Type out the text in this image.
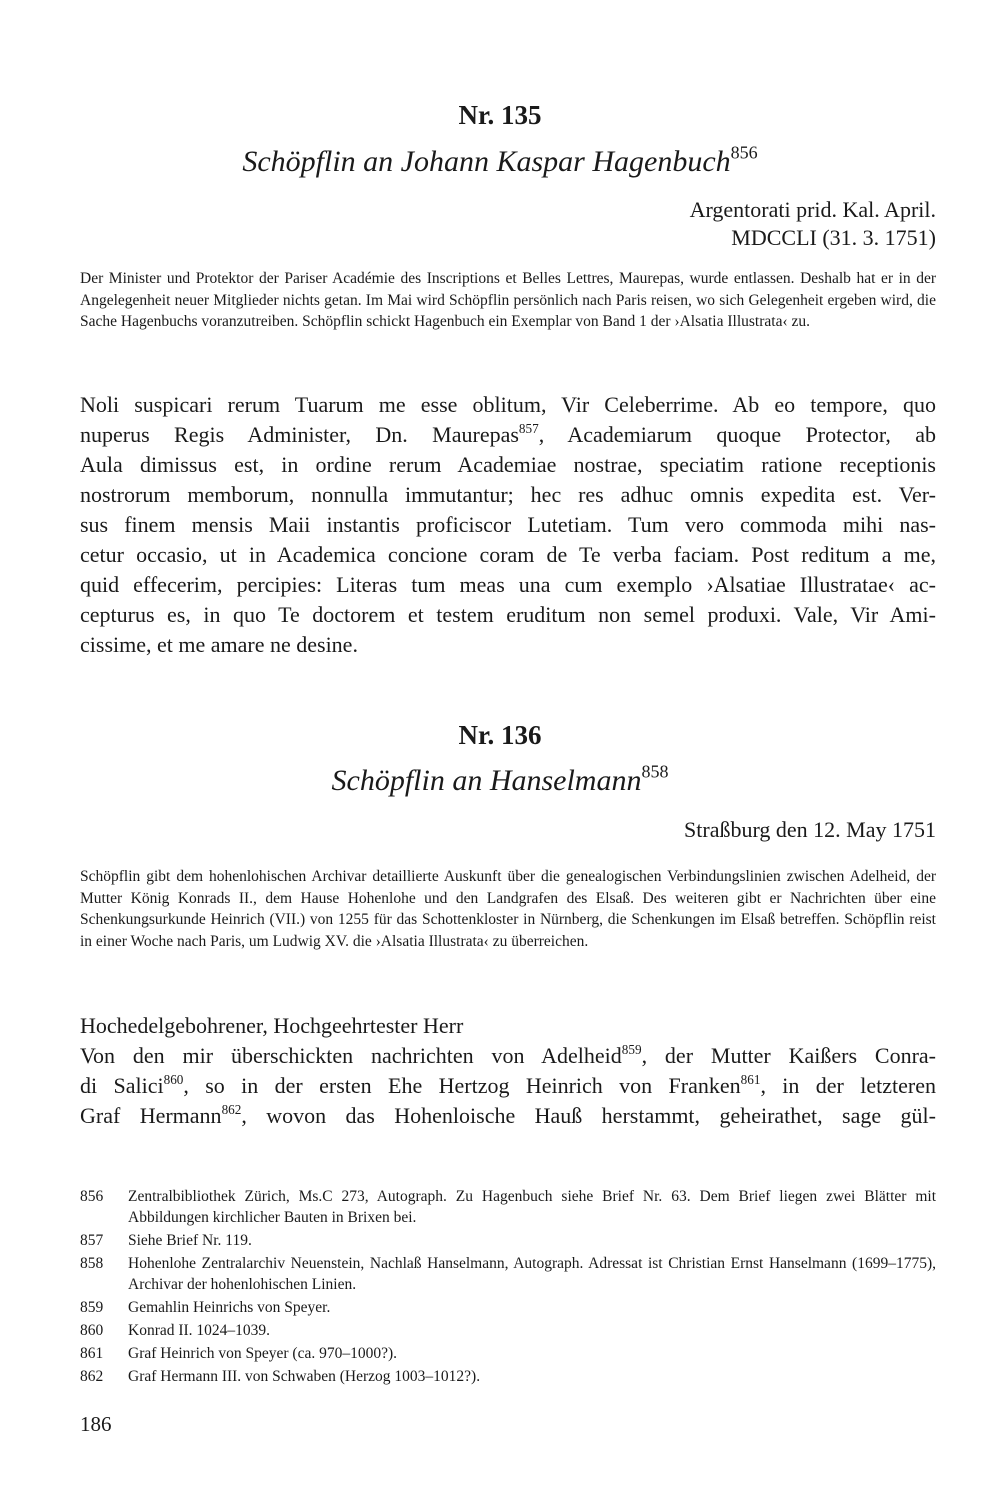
Nr. 135
Schöpflin an Johann Kaspar Hagenbuch$^{856}$
Argentorati prid. Kal. April.
MDCCLI (31. 3. 1751)
Der Minister und Protektor der Pariser Académie des Inscriptions et Belles Lettres, Maurepas, wurde entlassen. Deshalb hat er in der Angelegenheit neuer Mitglieder nichts getan. Im Mai wird Schöpflin persönlich nach Paris reisen, wo sich Gelegenheit ergeben wird, die Sache Hagenbuchs voranzutreiben. Schöpflin schickt Hagenbuch ein Exemplar von Band 1 der ›Alsatia Illustrata‹ zu.
Noli suspicari rerum Tuarum me esse oblitum, Vir Celeberrime. Ab eo tempore, quo
nuperus Regis Administer, Dn. Maurepas$^{857}$, Academiarum quoque Protector, ab
Aula dimissus est, in ordine rerum Academiae nostrae, speciatim ratione receptionis
nostrorum memborum, nonnulla immutantur; hec res adhuc omnis expedita est. Ver-
sus finem mensis Maii instantis proficiscor Lutetiam. Tum vero commoda mihi nas-
cetur occasio, ut in Academica concione coram de Te verba faciam. Post reditum a me,
quid effecerim, percipies: Literas tum meas una cum exemplo ›Alsatiae Illustratae‹ ac-
cepturus es, in quo Te doctorem et testem eruditum non semel produxi. Vale, Vir Ami-
cissime, et me amare ne desine.
Nr. 136
Schöpflin an Hanselmann$^{858}$
Straßburg den 12. May 1751
Schöpflin gibt dem hohenlohischen Archivar detaillierte Auskunft über die genealogischen Verbindungslinien zwischen Adelheid, der Mutter König Konrads II., dem Hause Hohenlohe und den Landgrafen des Elsaß. Des weiteren gibt er Nachrichten über eine Schenkungsurkunde Heinrich (VII.) von 1255 für das Schottenkloster in Nürnberg, die Schenkungen im Elsaß betreffen. Schöpflin reist in einer Woche nach Paris, um Ludwig XV. die ›Alsatia Illustrata‹ zu überreichen.
Hochedelgebohrener, Hochgeehrtester Herr
Von den mir überschickten nachrichten von Adelheid$^{859}$, der Mutter Kaißers Conra-
di Salici$^{860}$, so in der ersten Ehe Hertzog Heinrich von Franken$^{861}$, in der letzteren
Graf Hermann$^{862}$, wovon das Hohenloische Hauß herstammt, geheirathet, sage gül-
856	Zentralbibliothek Zürich, Ms.C 273, Autograph. Zu Hagenbuch siehe Brief Nr. 63. Dem Brief liegen zwei Blätter mit Abbildungen kirchlicher Bauten in Brixen bei.
857	Siehe Brief Nr. 119.
858	Hohenlohe Zentralarchiv Neuenstein, Nachlaß Hanselmann, Autograph. Adressat ist Christian Ernst Hanselmann (1699–1775), Archivar der hohenlohischen Linien.
859	Gemahlin Heinrichs von Speyer.
860	Konrad II. 1024–1039.
861	Graf Heinrich von Speyer (ca. 970–1000?).
862	Graf Hermann III. von Schwaben (Herzog 1003–1012?).
186
